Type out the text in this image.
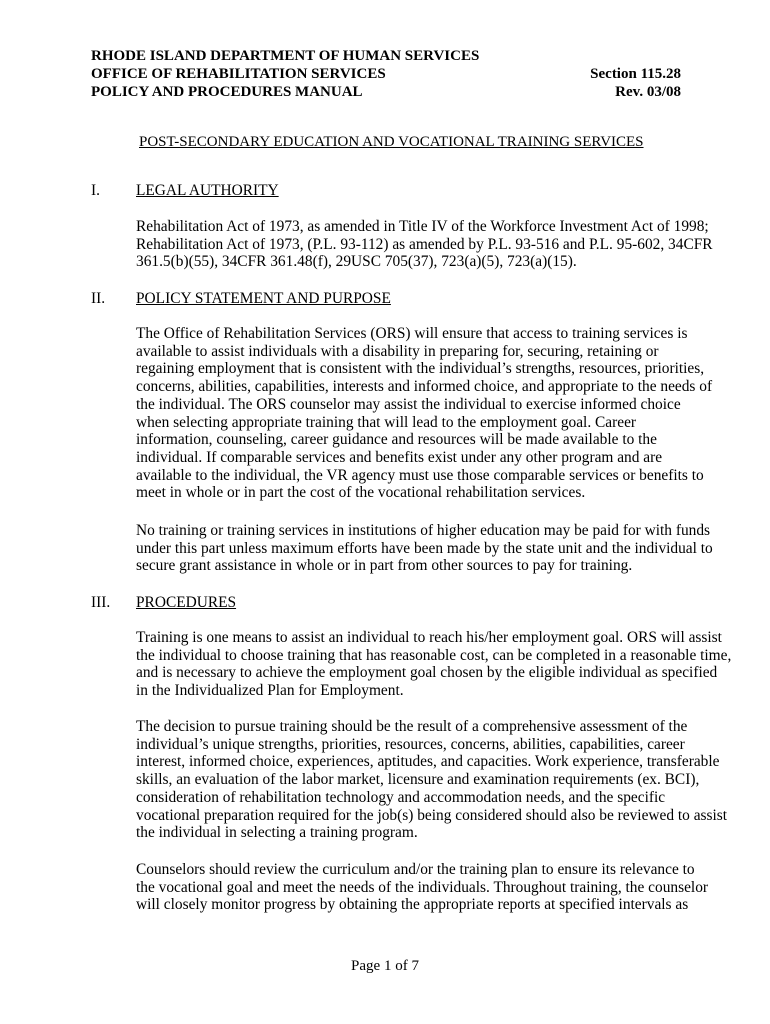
RHODE ISLAND DEPARTMENT OF HUMAN SERVICES
OFFICE OF REHABILITATION SERVICES	Section 115.28
POLICY AND PROCEDURES MANUAL	Rev. 03/08
POST-SECONDARY EDUCATION AND VOCATIONAL TRAINING SERVICES
I. LEGAL AUTHORITY
Rehabilitation Act of 1973, as amended in Title IV of the Workforce Investment Act of 1998;
Rehabilitation Act of 1973, (P.L. 93-112) as amended by P.L. 93-516 and P.L. 95-602, 34CFR
361.5(b)(55), 34CFR 361.48(f), 29USC 705(37), 723(a)(5), 723(a)(15).
II. POLICY STATEMENT AND PURPOSE
The Office of Rehabilitation Services (ORS) will ensure that access to training services is
available to assist individuals with a disability in preparing for, securing, retaining or
regaining employment that is consistent with the individual’s strengths, resources, priorities,
concerns, abilities, capabilities, interests and informed choice, and appropriate to the needs of
the individual. The ORS counselor may assist the individual to exercise informed choice
when selecting appropriate training that will lead to the employment goal. Career
information, counseling, career guidance and resources will be made available to the
individual. If comparable services and benefits exist under any other program and are
available to the individual, the VR agency must use those comparable services or benefits to
meet in whole or in part the cost of the vocational rehabilitation services.
No training or training services in institutions of higher education may be paid for with funds
under this part unless maximum efforts have been made by the state unit and the individual to
secure grant assistance in whole or in part from other sources to pay for training.
III. PROCEDURES
Training is one means to assist an individual to reach his/her employment goal. ORS will assist
the individual to choose training that has reasonable cost, can be completed in a reasonable time,
and is necessary to achieve the employment goal chosen by the eligible individual as specified
in the Individualized Plan for Employment.
The decision to pursue training should be the result of a comprehensive assessment of the
individual’s unique strengths, priorities, resources, concerns, abilities, capabilities, career
interest, informed choice, experiences, aptitudes, and capacities. Work experience, transferable
skills, an evaluation of the labor market, licensure and examination requirements (ex. BCI),
consideration of rehabilitation technology and accommodation needs, and the specific
vocational preparation required for the job(s) being considered should also be reviewed to assist
the individual in selecting a training program.
Counselors should review the curriculum and/or the training plan to ensure its relevance to
the vocational goal and meet the needs of the individuals. Throughout training, the counselor
will closely monitor progress by obtaining the appropriate reports at specified intervals as
Page 1 of 7
